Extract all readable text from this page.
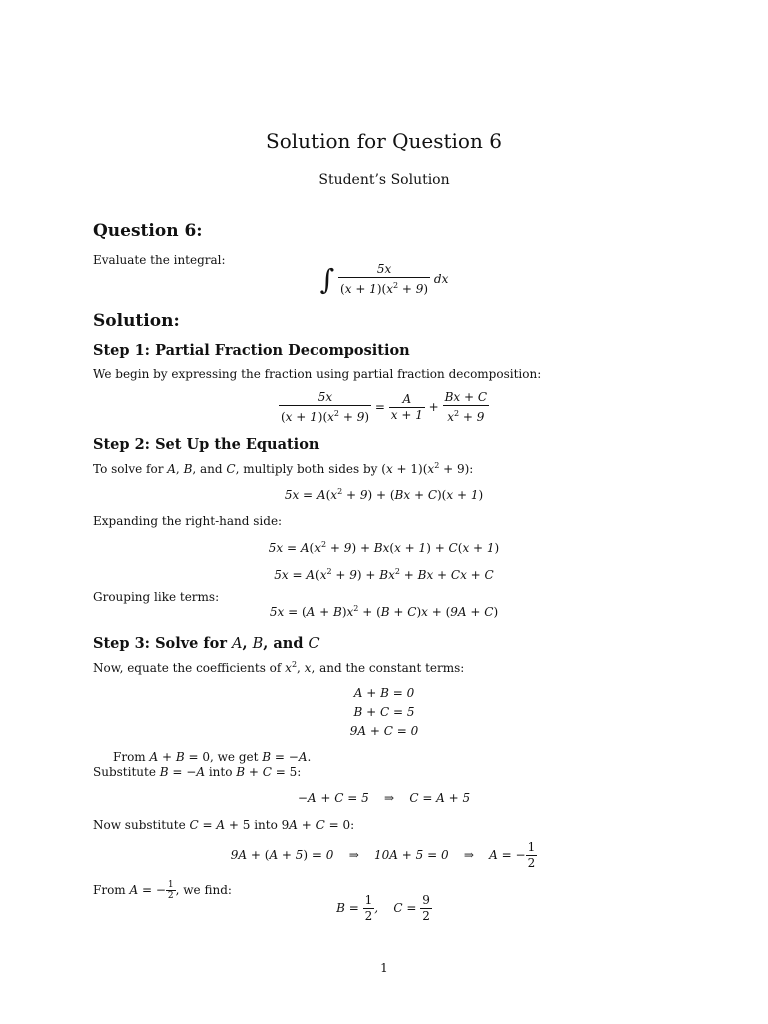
Solution for Question 6
Student’s Solution
Question 6:
Evaluate the integral:
∫ $\frac{5x}{(x + 1)(x^2 + 9)}$ dx
Solution:
Step 1: Partial Fraction Decomposition
We begin by expressing the fraction using partial fraction decomposition:
$\frac{5x}{(x + 1)(x^2 + 9)} = \frac{A}{x + 1} + \frac{Bx + C}{x^2 + 9}$
Step 2: Set Up the Equation
To solve for A, B, and C, multiply both sides by $(x + 1)(x^2 + 9)$:
$5x = A(x^2 + 9) + (Bx + C)(x + 1)$
Expanding the right-hand side:
$5x = A(x^2 + 9) + Bx(x + 1) + C(x + 1)$
$5x = A(x^2 + 9) + Bx^2 + Bx + Cx + C$
Grouping like terms:
$5x = (A + B)x^2 + (B + C)x + (9A + C)$
Step 3: Solve for A, B, and C
Now, equate the coefficients of $x^2$, x, and the constant terms:
A + B = 0
B + C = 5
9A + C = 0
From A + B = 0, we get B = −A.
Substitute B = −A into B + C = 5:
−A + C = 5    ⇒    C = A + 5
Now substitute C = A + 5 into 9A + C = 0:
9A + (A + 5) = 0    ⇒    10A + 5 = 0    ⇒    A = − $\frac{1}{2}$
From A = − $\frac{1}{2}$ , we find:
$B = \frac{1}{2}$ ,    $C = \frac{9}{2}$
1
